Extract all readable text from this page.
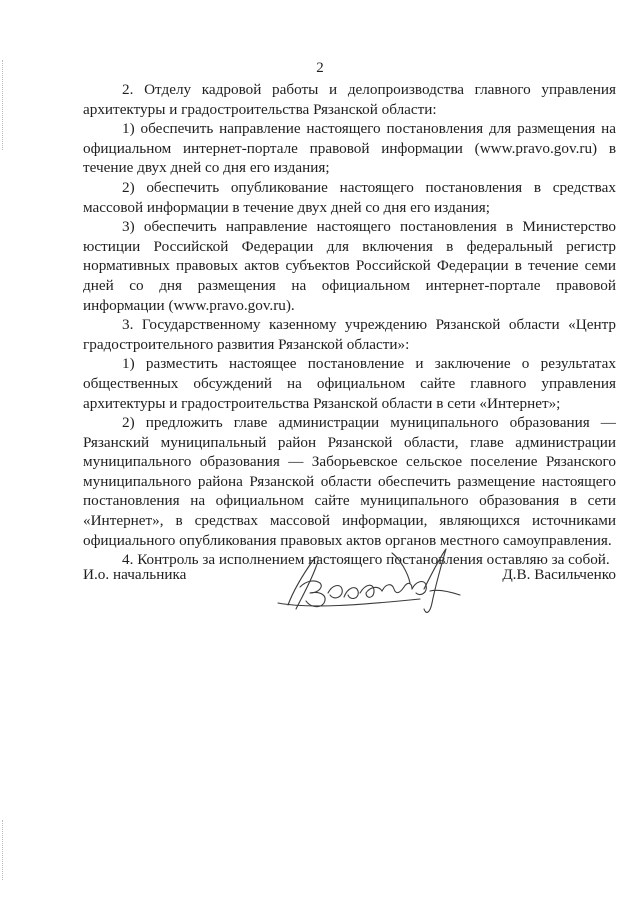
2

2. Отделу кадровой работы и делопроизводства главного управления архитектуры и градостроительства Рязанской области:

1) обеспечить направление настоящего постановления для размещения на официальном интернет-портале правовой информации (www.pravo.gov.ru) в течение двух дней со дня его издания;

2) обеспечить опубликование настоящего постановления в средствах массовой информации в течение двух дней со дня его издания;

3) обеспечить направление настоящего постановления в Министерство юстиции Российской Федерации для включения в федеральный регистр нормативных правовых актов субъектов Российской Федерации в течение семи дней со дня размещения на официальном интернет-портале правовой информации (www.pravo.gov.ru).

3. Государственному казенному учреждению Рязанской области «Центр градостроительного развития Рязанской области»:

1) разместить настоящее постановление и заключение о результатах общественных обсуждений на официальном сайте главного управления архитектуры и градостроительства Рязанской области в сети «Интернет»;

2) предложить главе администрации муниципального образования — Рязанский муниципальный район Рязанской области, главе администрации муниципального образования — Заборьевское сельское поселение Рязанского муниципального района Рязанской области обеспечить размещение настоящего постановления на официальном сайте муниципального образования в сети «Интернет», в средствах массовой информации, являющихся источниками официального опубликования правовых актов органов местного самоуправления.

4. Контроль за исполнением настоящего постановления оставляю за собой.

И.о. начальника	Д.В. Васильченко
